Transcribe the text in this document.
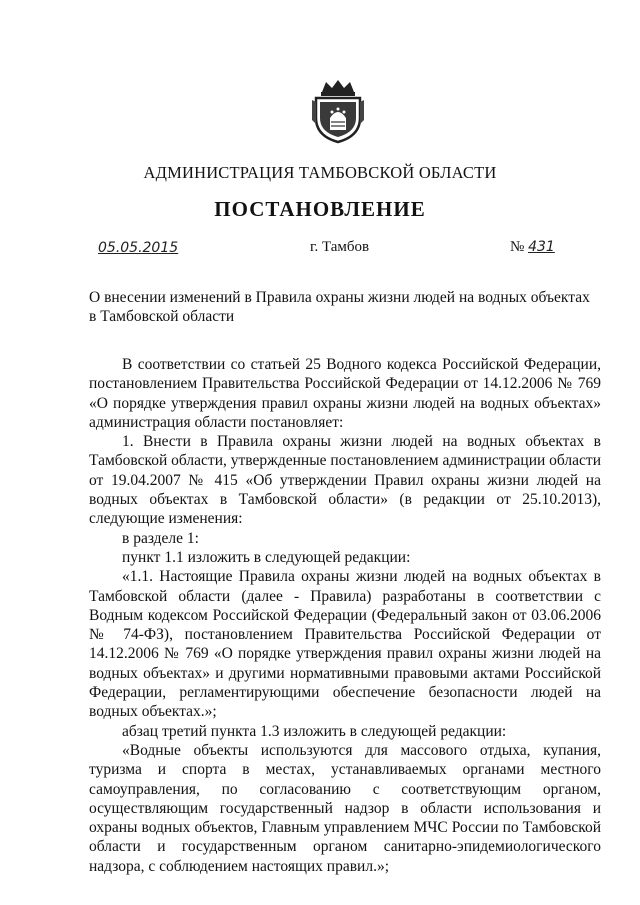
АДМИНИСТРАЦИЯ ТАМБОВСКОЙ ОБЛАСТИ
ПОСТАНОВЛЕНИЕ
05.05.2015	г. Тамбов	№ 431
О внесении изменений в Правила охраны жизни людей на водных объектах в Тамбовской области

В соответствии со статьей 25 Водного кодекса Российской Федерации, постановлением Правительства Российской Федерации от 14.12.2006 № 769 «О порядке утверждения правил охраны жизни людей на водных объектах» администрация области постановляет:

1. Внести в Правила охраны жизни людей на водных объектах в Тамбовской области, утвержденные постановлением администрации области от 19.04.2007 № 415 «Об утверждении Правил охраны жизни людей на водных объектах в Тамбовской области» (в редакции от 25.10.2013), следующие изменения:

в разделе 1:

пункт 1.1 изложить в следующей редакции:

«1.1. Настоящие Правила охраны жизни людей на водных объектах в Тамбовской области (далее - Правила) разработаны в соответствии с Водным кодексом Российской Федерации (Федеральный закон от 03.06.2006 № 74-ФЗ), постановлением Правительства Российской Федерации от 14.12.2006 № 769 «О порядке утверждения правил охраны жизни людей на водных объектах» и другими нормативными правовыми актами Российской Федерации, регламентирующими обеспечение безопасности людей на водных объектах.»;

абзац третий пункта 1.3 изложить в следующей редакции:

«Водные объекты используются для массового отдыха, купания, туризма и спорта в местах, устанавливаемых органами местного самоуправления, по согласованию с соответствующим органом, осуществляющим государственный надзор в области использования и охраны водных объектов, Главным управлением МЧС России по Тамбовской области и государственным органом санитарно-эпидемиологического надзора, с соблюдением настоящих правил.»;
